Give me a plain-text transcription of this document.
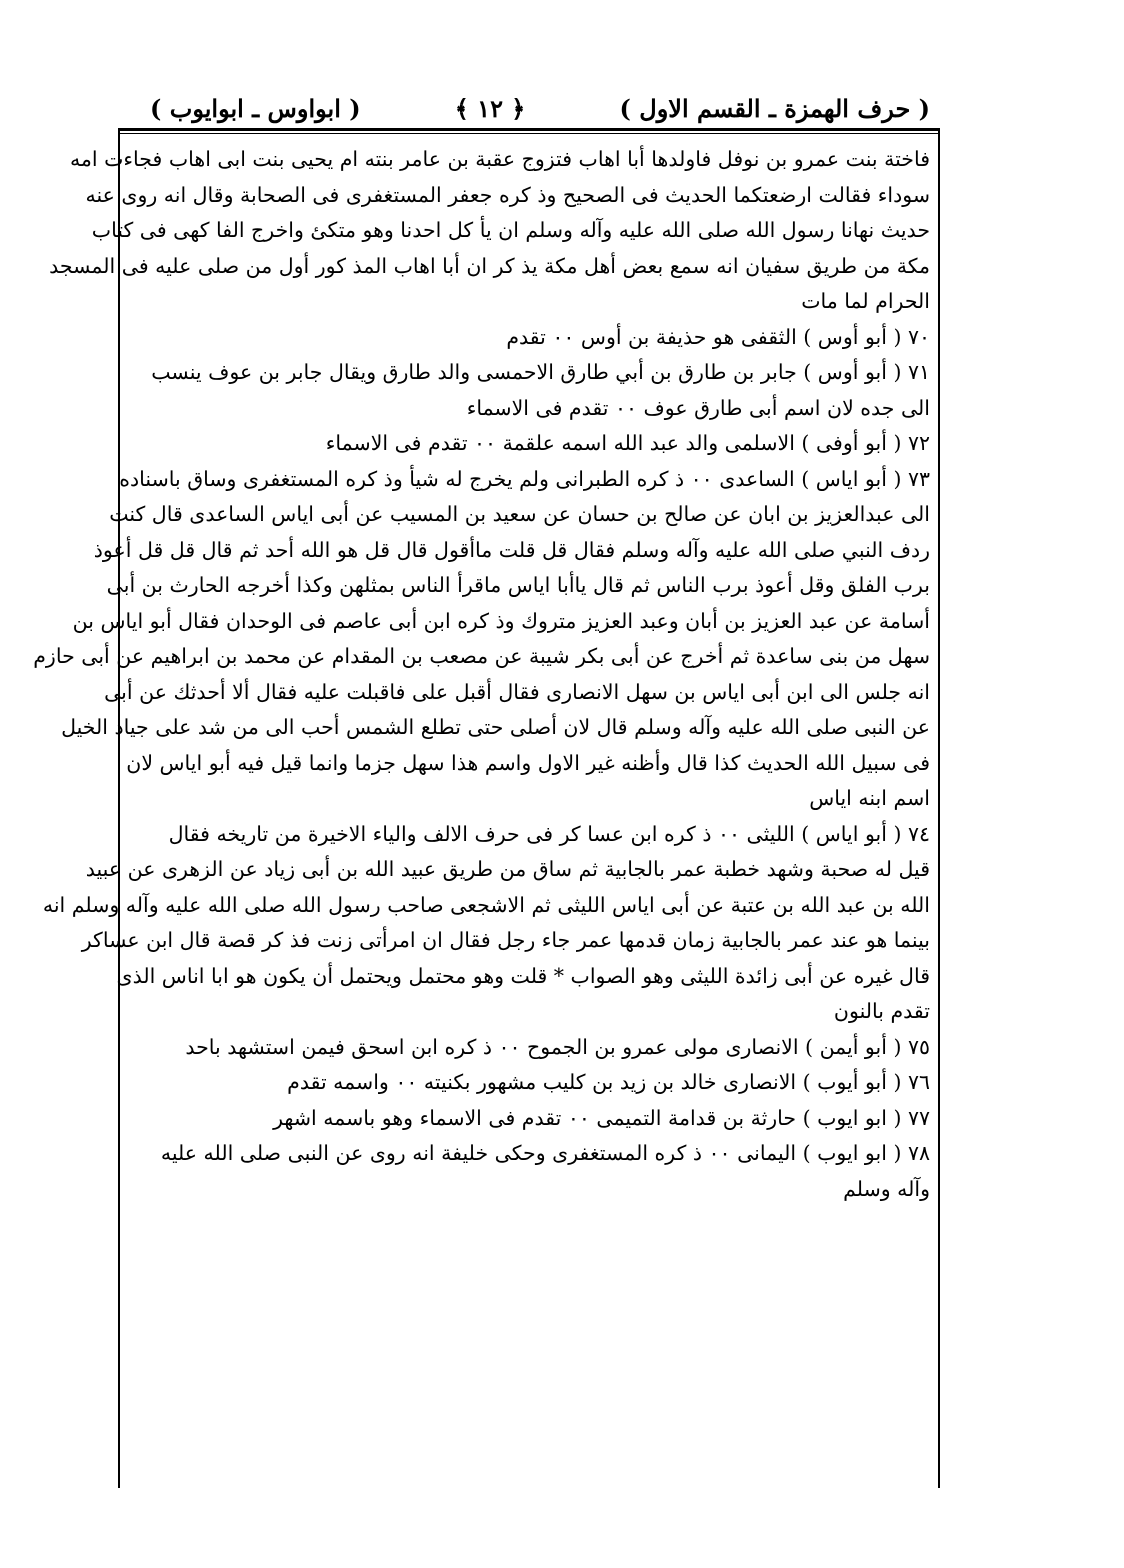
( حرف الهمزة ـ القسم الاول )
﴿ ١٢ ﴾
( ابواوس ـ ابوايوب )
فاختة بنت عمرو بن نوفل فاولدها أبا اهاب فتزوج عقبة بن عامر بنته ام يحيى بنت ابى اهاب فجاءت امه
سوداء فقالت ارضعتكما الحديث فى الصحيح وذ كره جعفر المستغفرى فى الصحابة وقال انه روى عنه
حديث نهانا رسول الله صلى الله عليه وآله وسلم ان يأ كل احدنا وهو متكئ واخرج الفا كهى فى كتاب
مكة من طريق سفيان انه سمع بعض أهل مكة يذ كر ان أبا اهاب المذ كور أول من صلى عليه فى المسجد
الحرام لما مات
٧٠ ( أبو أوس ) الثقفى هو حذيفة بن أوس ٠٠ تقدم
٧١ ( أبو أوس ) جابر بن طارق بن أبي طارق الاحمسى والد طارق ويقال جابر بن عوف ينسب
الى جده لان اسم أبى طارق عوف ٠٠ تقدم فى الاسماء
٧٢ ( أبو أوفى ) الاسلمى والد عبد الله اسمه علقمة ٠٠ تقدم فى الاسماء
٧٣ ( أبو اياس ) الساعدى ٠٠ ذ كره الطبرانى ولم يخرج له شيأ وذ كره المستغفرى وساق باسناده
الى عبدالعزيز بن ابان عن صالح بن حسان عن سعيد بن المسيب عن أبى اياس الساعدى قال كنت
ردف النبي صلى الله عليه وآله وسلم فقال قل قلت ماأقول قال قل هو الله أحد ثم قال قل قل أعوذ
برب الفلق وقل أعوذ برب الناس ثم قال ياأبا اياس ماقرأ الناس بمثلهن وكذا أخرجه الحارث بن أبى
أسامة عن عبد العزيز بن أبان وعبد العزيز متروك وذ كره ابن أبى عاصم فى الوحدان فقال أبو اياس بن
سهل من بنى ساعدة ثم أخرج عن أبى بكر شيبة عن مصعب بن المقدام عن محمد بن ابراهيم عن أبى حازم
انه جلس الى ابن أبى اياس بن سهل الانصارى فقال أقبل على فاقبلت عليه فقال ألا أحدثك عن أبى
عن النبى صلى الله عليه وآله وسلم قال لان أصلى حتى تطلع الشمس أحب الى من شد على جياد الخيل
فى سبيل الله الحديث كذا قال وأظنه غير الاول واسم هذا سهل جزما وانما قيل فيه أبو اياس لان
اسم ابنه اياس
٧٤ ( أبو اياس ) الليثى ٠٠ ذ كره ابن عسا كر فى حرف الالف والياء الاخيرة من تاريخه فقال
قيل له صحبة وشهد خطبة عمر بالجابية ثم ساق من طريق عبيد الله بن أبى زياد عن الزهرى عن عبيد
الله بن عبد الله بن عتبة عن أبى اياس الليثى ثم الاشجعى صاحب رسول الله صلى الله عليه وآله وسلم انه
بينما هو عند عمر بالجابية زمان قدمها عمر جاء رجل فقال ان امرأتى زنت فذ كر قصة قال ابن عساكر
قال غيره عن أبى زائدة الليثى وهو الصواب * قلت وهو محتمل ويحتمل أن يكون هو ابا اناس الذى
تقدم بالنون
٧٥ ( أبو أيمن ) الانصارى مولى عمرو بن الجموح ٠٠ ذ كره ابن اسحق فيمن استشهد باحد
٧٦ ( أبو أيوب ) الانصارى خالد بن زيد بن كليب مشهور بكنيته ٠٠ واسمه تقدم
٧٧ ( ابو ايوب ) حارثة بن قدامة التميمى ٠٠ تقدم فى الاسماء وهو باسمه اشهر
٧٨ ( ابو ايوب ) اليمانى ٠٠ ذ كره المستغفرى وحكى خليفة انه روى عن النبى صلى الله عليه
وآله وسلم
